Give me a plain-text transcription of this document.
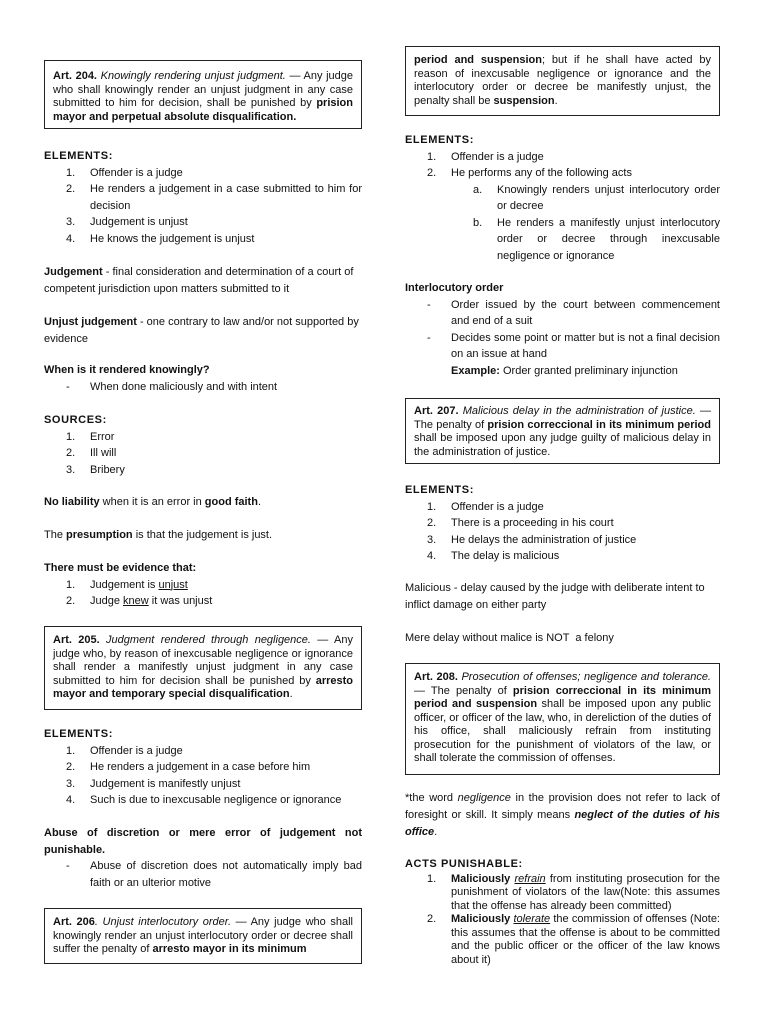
Art. 204. Knowingly rendering unjust judgment. — Any judge who shall knowingly render an unjust judgment in any case submitted to him for decision, shall be punished by prision mayor and perpetual absolute disqualification.

ELEMENTS:

1. Offender is a judge
2. He renders a judgement in a case submitted to him for decision
3. Judgement is unjust
4. He knows the judgement is unjust

Judgement - final consideration and determination of a court of competent jurisdiction upon matters submitted to it

Unjust judgement - one contrary to law and/or not supported by evidence

When is it rendered knowingly?

- When done maliciously and with intent

SOURCES:

1. Error
2. Ill will
3. Bribery

No liability when it is an error in good faith.

The presumption is that the judgement is just.

There must be evidence that:

1. Judgement is unjust
2. Judge knew it was unjust
Art. 205. Judgment rendered through negligence. — Any judge who, by reason of inexcusable negligence or ignorance shall render a manifestly unjust judgment in any case submitted to him for decision shall be punished by arresto mayor and temporary special disqualification.

ELEMENTS:

1. Offender is a judge
2. He renders a judgement in a case before him
3. Judgement is manifestly unjust
4. Such is due to inexcusable negligence or ignorance

Abuse of discretion or mere error of judgement not punishable.

- Abuse of discretion does not automatically imply bad faith or an ulterior motive
Art. 206. Unjust interlocutory order. — Any judge who shall knowingly render an unjust interlocutory order or decree shall suffer the penalty of arresto mayor in its minimum
period and suspension; but if he shall have acted by reason of inexcusable negligence or ignorance and the interlocutory order or decree be manifestly unjust, the penalty shall be suspension.

ELEMENTS:

1. Offender is a judge
2. He performs any of the following acts
a. Knowingly renders unjust interlocutory order or decree
b. He renders a manifestly unjust interlocutory order or decree through inexcusable negligence or ignorance

Interlocutory order

- Order issued by the court between commencement and end of a suit
- Decides some point or matter but is not a final decision on an issue at hand

Example: Order granted preliminary injunction

Art. 207. Malicious delay in the administration of justice. — The penalty of prision correccional in its minimum period shall be imposed upon any judge guilty of malicious delay in the administration of justice.

ELEMENTS:

1. Offender is a judge
2. There is a proceeding in his court
3. He delays the administration of justice
4. The delay is malicious

Malicious - delay caused by the judge with deliberate intent to inflict damage on either party

Mere delay without malice is NOT  a felony

Art. 208. Prosecution of offenses; negligence and tolerance. — The penalty of prision correccional in its minimum period and suspension shall be imposed upon any public officer, or officer of the law, who, in dereliction of the duties of his office, shall maliciously refrain from instituting prosecution for the punishment of violators of the law, or shall tolerate the commission of offenses.

*the word negligence in the provision does not refer to lack of foresight or skill. It simply means neglect of the duties of his office.

ACTS PUNISHABLE:

1. Maliciously refrain from instituting prosecution for the punishment of violators of the law(Note: this assumes that the offense has already been committed)
2. Maliciously tolerate the commission of offenses (Note: this assumes that the offense is about to be committed and the public officer or the officer of the law knows about it)
